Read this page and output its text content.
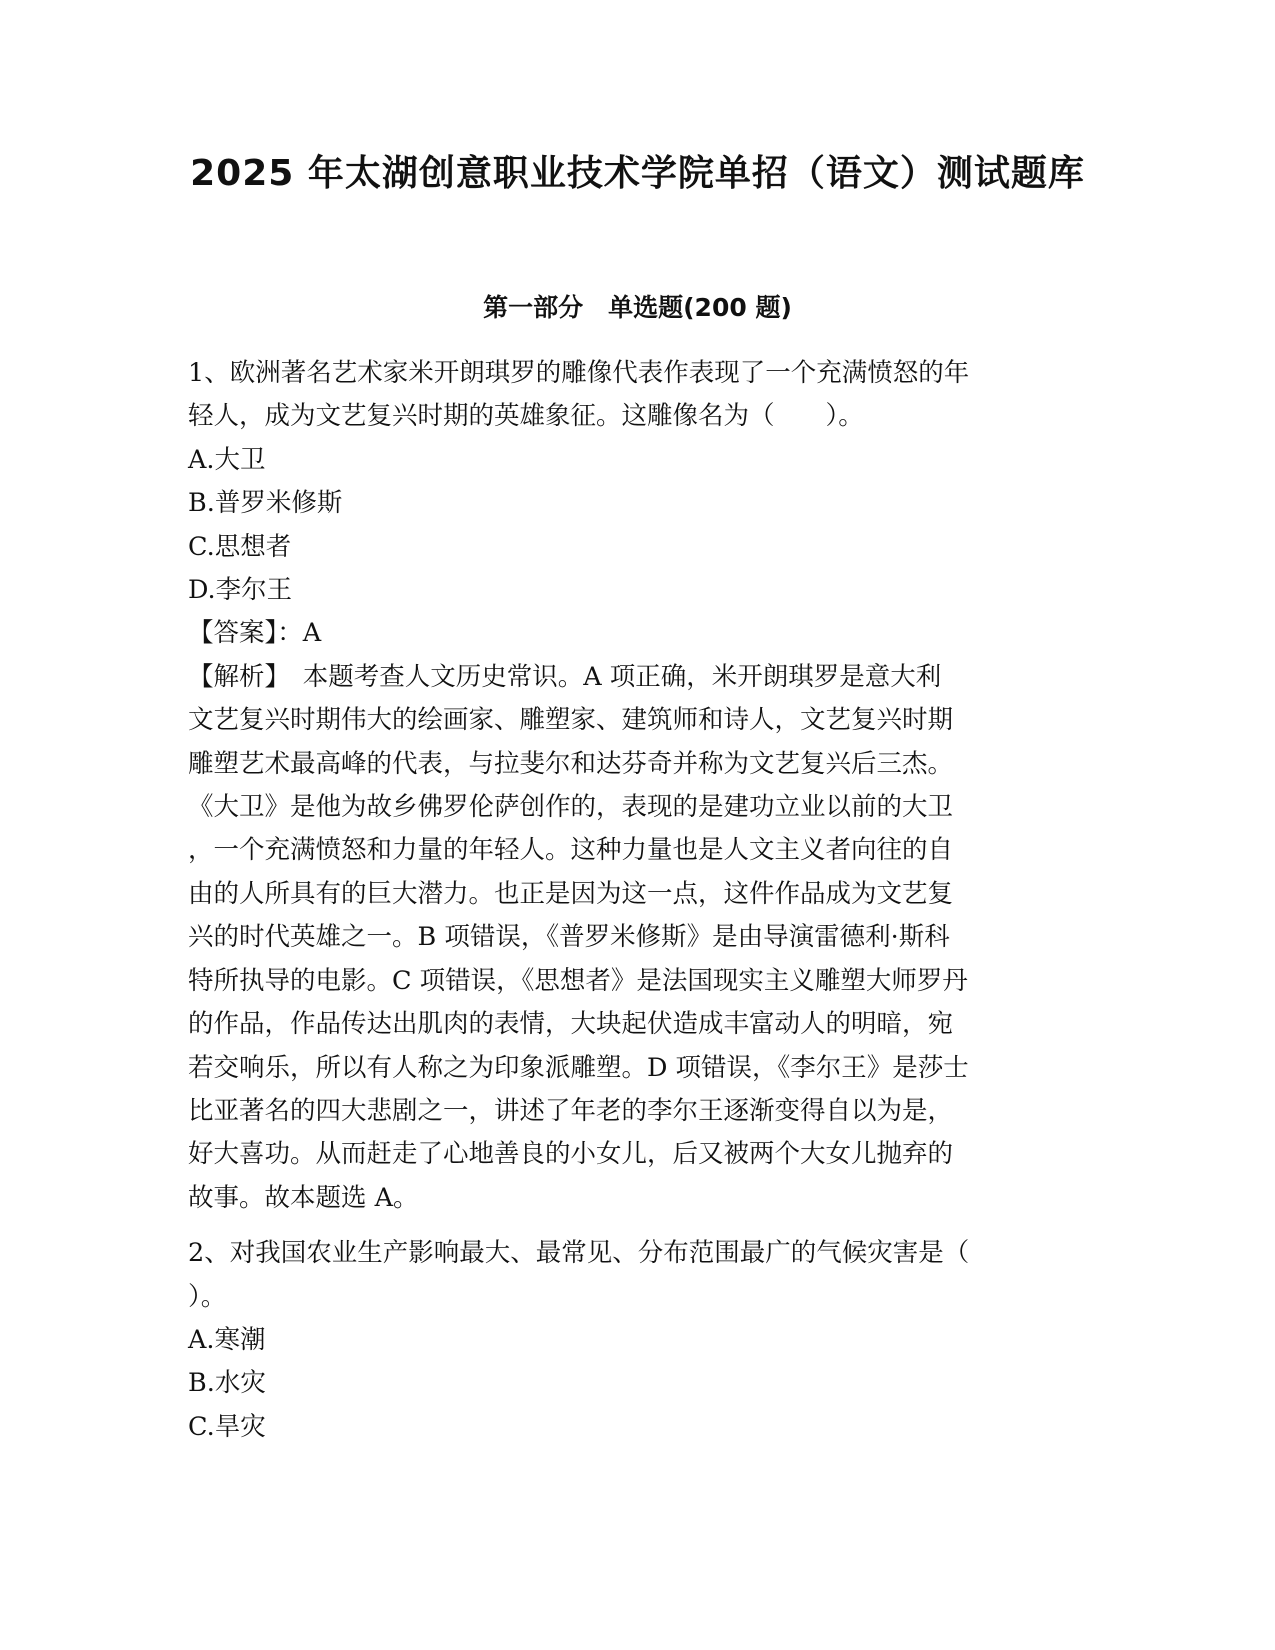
2025 年太湖创意职业技术学院单招（语文）测试题库
第一部分　单选题(200 题)
1、欧洲著名艺术家米开朗琪罗的雕像代表作表现了一个充满愤怒的年
轻人，成为文艺复兴时期的英雄象征。这雕像名为（　　）。
A.大卫
B.普罗米修斯
C.思想者
D.李尔王
【答案】：A
【解析】　本题考查人文历史常识。A 项正确，米开朗琪罗是意大利
文艺复兴时期伟大的绘画家、雕塑家、建筑师和诗人，文艺复兴时期
雕塑艺术最高峰的代表，与拉斐尔和达芬奇并称为文艺复兴后三杰。
《大卫》是他为故乡佛罗伦萨创作的，表现的是建功立业以前的大卫
，一个充满愤怒和力量的年轻人。这种力量也是人文主义者向往的自
由的人所具有的巨大潜力。也正是因为这一点，这件作品成为文艺复
兴的时代英雄之一。B 项错误，《普罗米修斯》是由导演雷德利·斯科
特所执导的电影。C 项错误，《思想者》是法国现实主义雕塑大师罗丹
的作品，作品传达出肌肉的表情，大块起伏造成丰富动人的明暗，宛
若交响乐，所以有人称之为印象派雕塑。D 项错误，《李尔王》是莎士
比亚著名的四大悲剧之一，讲述了年老的李尔王逐渐变得自以为是，
好大喜功。从而赶走了心地善良的小女儿，后又被两个大女儿抛弃的
故事。故本题选 A。
2、对我国农业生产影响最大、最常见、分布范围最广的气候灾害是（
）。
A.寒潮
B.水灾
C.旱灾
